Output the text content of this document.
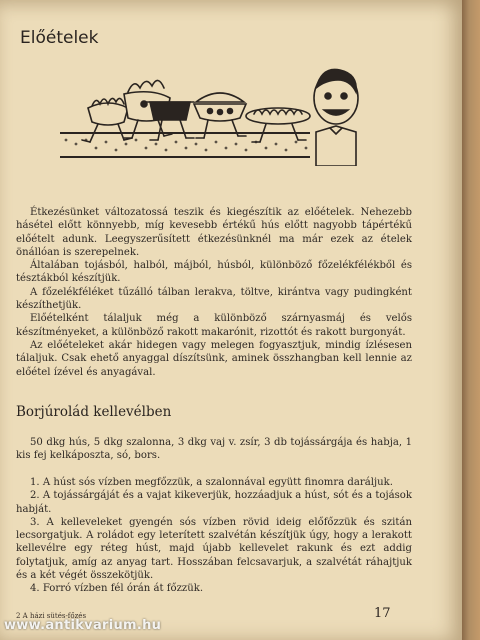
Előételek

Étkezésünket változatossá teszik és kiegészítik az előételek. Nehezebb hásétel előtt könnyebb, míg kevesebb értékű hús előtt nagyobb tápértékű előételt adunk. Leegyszerűsített étkezésünknél ma már ezek az ételek önállóan is szerepelnek.

Általában tojásból, halból, májból, húsból, különböző főzelékfélékből és tésztákból készítjük.

A főzelékféléket tűzálló tálban lerakva, töltve, kirántva vagy pudingként készíthetjük.

Előételként tálaljuk még a különböző szárnyasmáj és velős készítményeket, a különböző rakott makarónit, rizottót és rakott burgonyát.

Az előételeket akár hidegen vagy melegen fogyasztjuk, mindig ízlésesen tálaljuk. Csak ehető anyaggal díszítsünk, aminek összhangban kell lennie az előétel ízével és anyagával.

Borjúrolád kellevélben

50 dkg hús, 5 dkg szalonna, 3 dkg vaj v. zsír, 3 db tojássárgája és habja, 1 kis fej kelkáposzta, só, bors.

1. A húst sós vízben megfőzzük, a szalonnával együtt finomra daráljuk.

2. A tojássárgáját és a vajat kikeverjük, hozzáadjuk a húst, sót és a tojások habját.

3. A kelleveleket gyengén sós vízben rövid ideig előfőzzük és szitán lecsorgatjuk. A roládot egy leterített szalvétán készítjük úgy, hogy a lerakott kellevélre egy réteg húst, majd újabb kellevelet rakunk és ezt addig folytatjuk, amíg az anyag tart. Hosszában felcsavarjuk, a szalvétát ráhajtjuk és a két végét összekötjük.

4. Forró vízben fél órán át főzzük.

2 A házi sütés-főzés	17
www.antikvarium.hu
